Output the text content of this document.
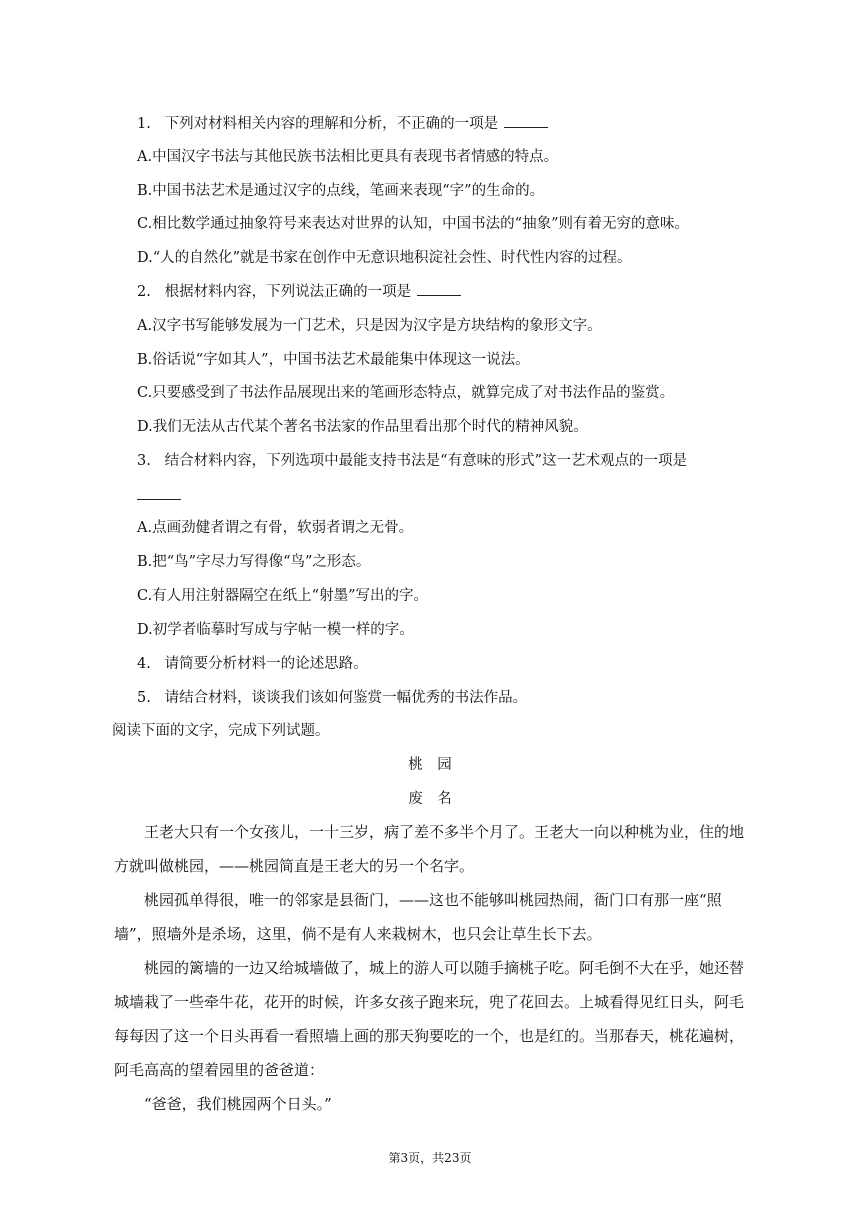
1. 下列对材料相关内容的理解和分析，不正确的一项是
A.中国汉字书法与其他民族书法相比更具有表现书者情感的特点。
B.中国书法艺术是通过汉字的点线，笔画来表现“字”的生命的。
C.相比数学通过抽象符号来表达对世界的认知，中国书法的“抽象”则有着无穷的意味。
D.“人的自然化”就是书家在创作中无意识地积淀社会性、时代性内容的过程。
2. 根据材料内容，下列说法正确的一项是
A.汉字书写能够发展为一门艺术，只是因为汉字是方块结构的象形文字。
B.俗话说“字如其人”，中国书法艺术最能集中体现这一说法。
C.只要感受到了书法作品展现出来的笔画形态特点，就算完成了对书法作品的鉴赏。
D.我们无法从古代某个著名书法家的作品里看出那个时代的精神风貌。
3. 结合材料内容，下列选项中最能支持书法是“有意味的形式”这一艺术观点的一项是
A.点画劲健者谓之有骨，软弱者谓之无骨。
B.把“鸟”字尽力写得像“鸟”之形态。
C.有人用注射器隔空在纸上“射墨”写出的字。
D.初学者临摹时写成与字帖一模一样的字。
4. 请简要分析材料一的论述思路。
5. 请结合材料，谈谈我们该如何鉴赏一幅优秀的书法作品。
阅读下面的文字，完成下列试题。
桃　园
废　名
王老大只有一个女孩儿，一十三岁，病了差不多半个月了。王老大一向以种桃为业，住的地方就叫做桃园，——桃园简直是王老大的另一个名字。
桃园孤单得很，唯一的邻家是县衙门，——这也不能够叫桃园热闹，衙门口有那一座“照墙”，照墙外是杀场，这里，倘不是有人来栽树木，也只会让草生长下去。
桃园的篱墙的一边又给城墙做了，城上的游人可以随手摘桃子吃。阿毛倒不大在乎，她还替城墙栽了一些牵牛花，花开的时候，许多女孩子跑来玩，兜了花回去。上城看得见红日头，阿毛每每因了这一个日头再看一看照墙上画的那天狗要吃的一个，也是红的。当那春天，桃花遍树，阿毛高高的望着园里的爸爸道：
“爸爸，我们桃园两个日头。”
第3页，共23页
